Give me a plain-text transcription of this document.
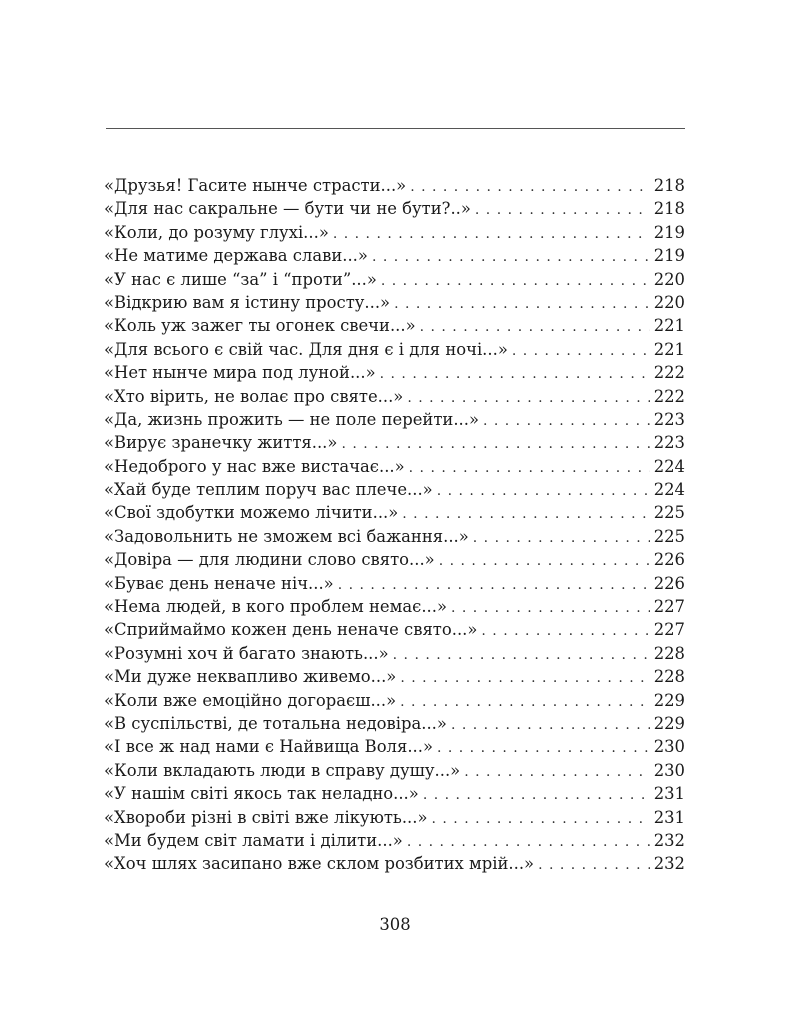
«Друзья! Гасите нынче страсти...» . . .	218
«Для нас сакральне — бути чи не бути?..» . . .	218
«Коли, до розуму глухі...» . . .	219
«Не матиме держава слави...» . . .	219
«У нас є лише “за” і “проти”...» . . .	220
«Відкрию вам я істину просту...» . . .	220
«Коль уж зажег ты огонек свечи...» . . .	221
«Для всього є свій час. Для дня є і для ночі...» . . .	221
«Нет нынче мира под луной...» . . .	222
«Хто вірить, не волає про святе...» . . .	222
«Да, жизнь прожить — не поле перейти...» . . .	223
«Вирує зранечку життя...» . . .	223
«Недоброго у нас вже вистачає...» . . .	224
«Хай буде теплим поруч вас плече...» . . .	224
«Свої здобутки можемо лічити...» . . .	225
«Задовольнить не зможем всі бажання...» . . .	225
«Довіра — для людини слово свято...» . . .	226
«Буває день неначе ніч...» . . .	226
«Нема людей, в кого проблем немає...» . . .	227
«Сприймаймо кожен день неначе свято...» . . .	227
«Розумні хоч й багато знають...» . . .	228
«Ми дуже неквапливо живемо...» . . .	228
«Коли вже емоційно догораєш...» . . .	229
«В суспільстві, де тотальна недовіра...» . . .	229
«І все ж над нами є Найвища Воля...» . . .	230
«Коли вкладають люди в справу душу...» . . .	230
«У нашім світі якось так неладно...» . . .	231
«Хвороби різні в світі вже лікують...» . . .	231
«Ми будем світ ламати і ділити...» . . .	232
«Хоч шлях засипано вже склом розбитих мрій...» . . .	232
308
